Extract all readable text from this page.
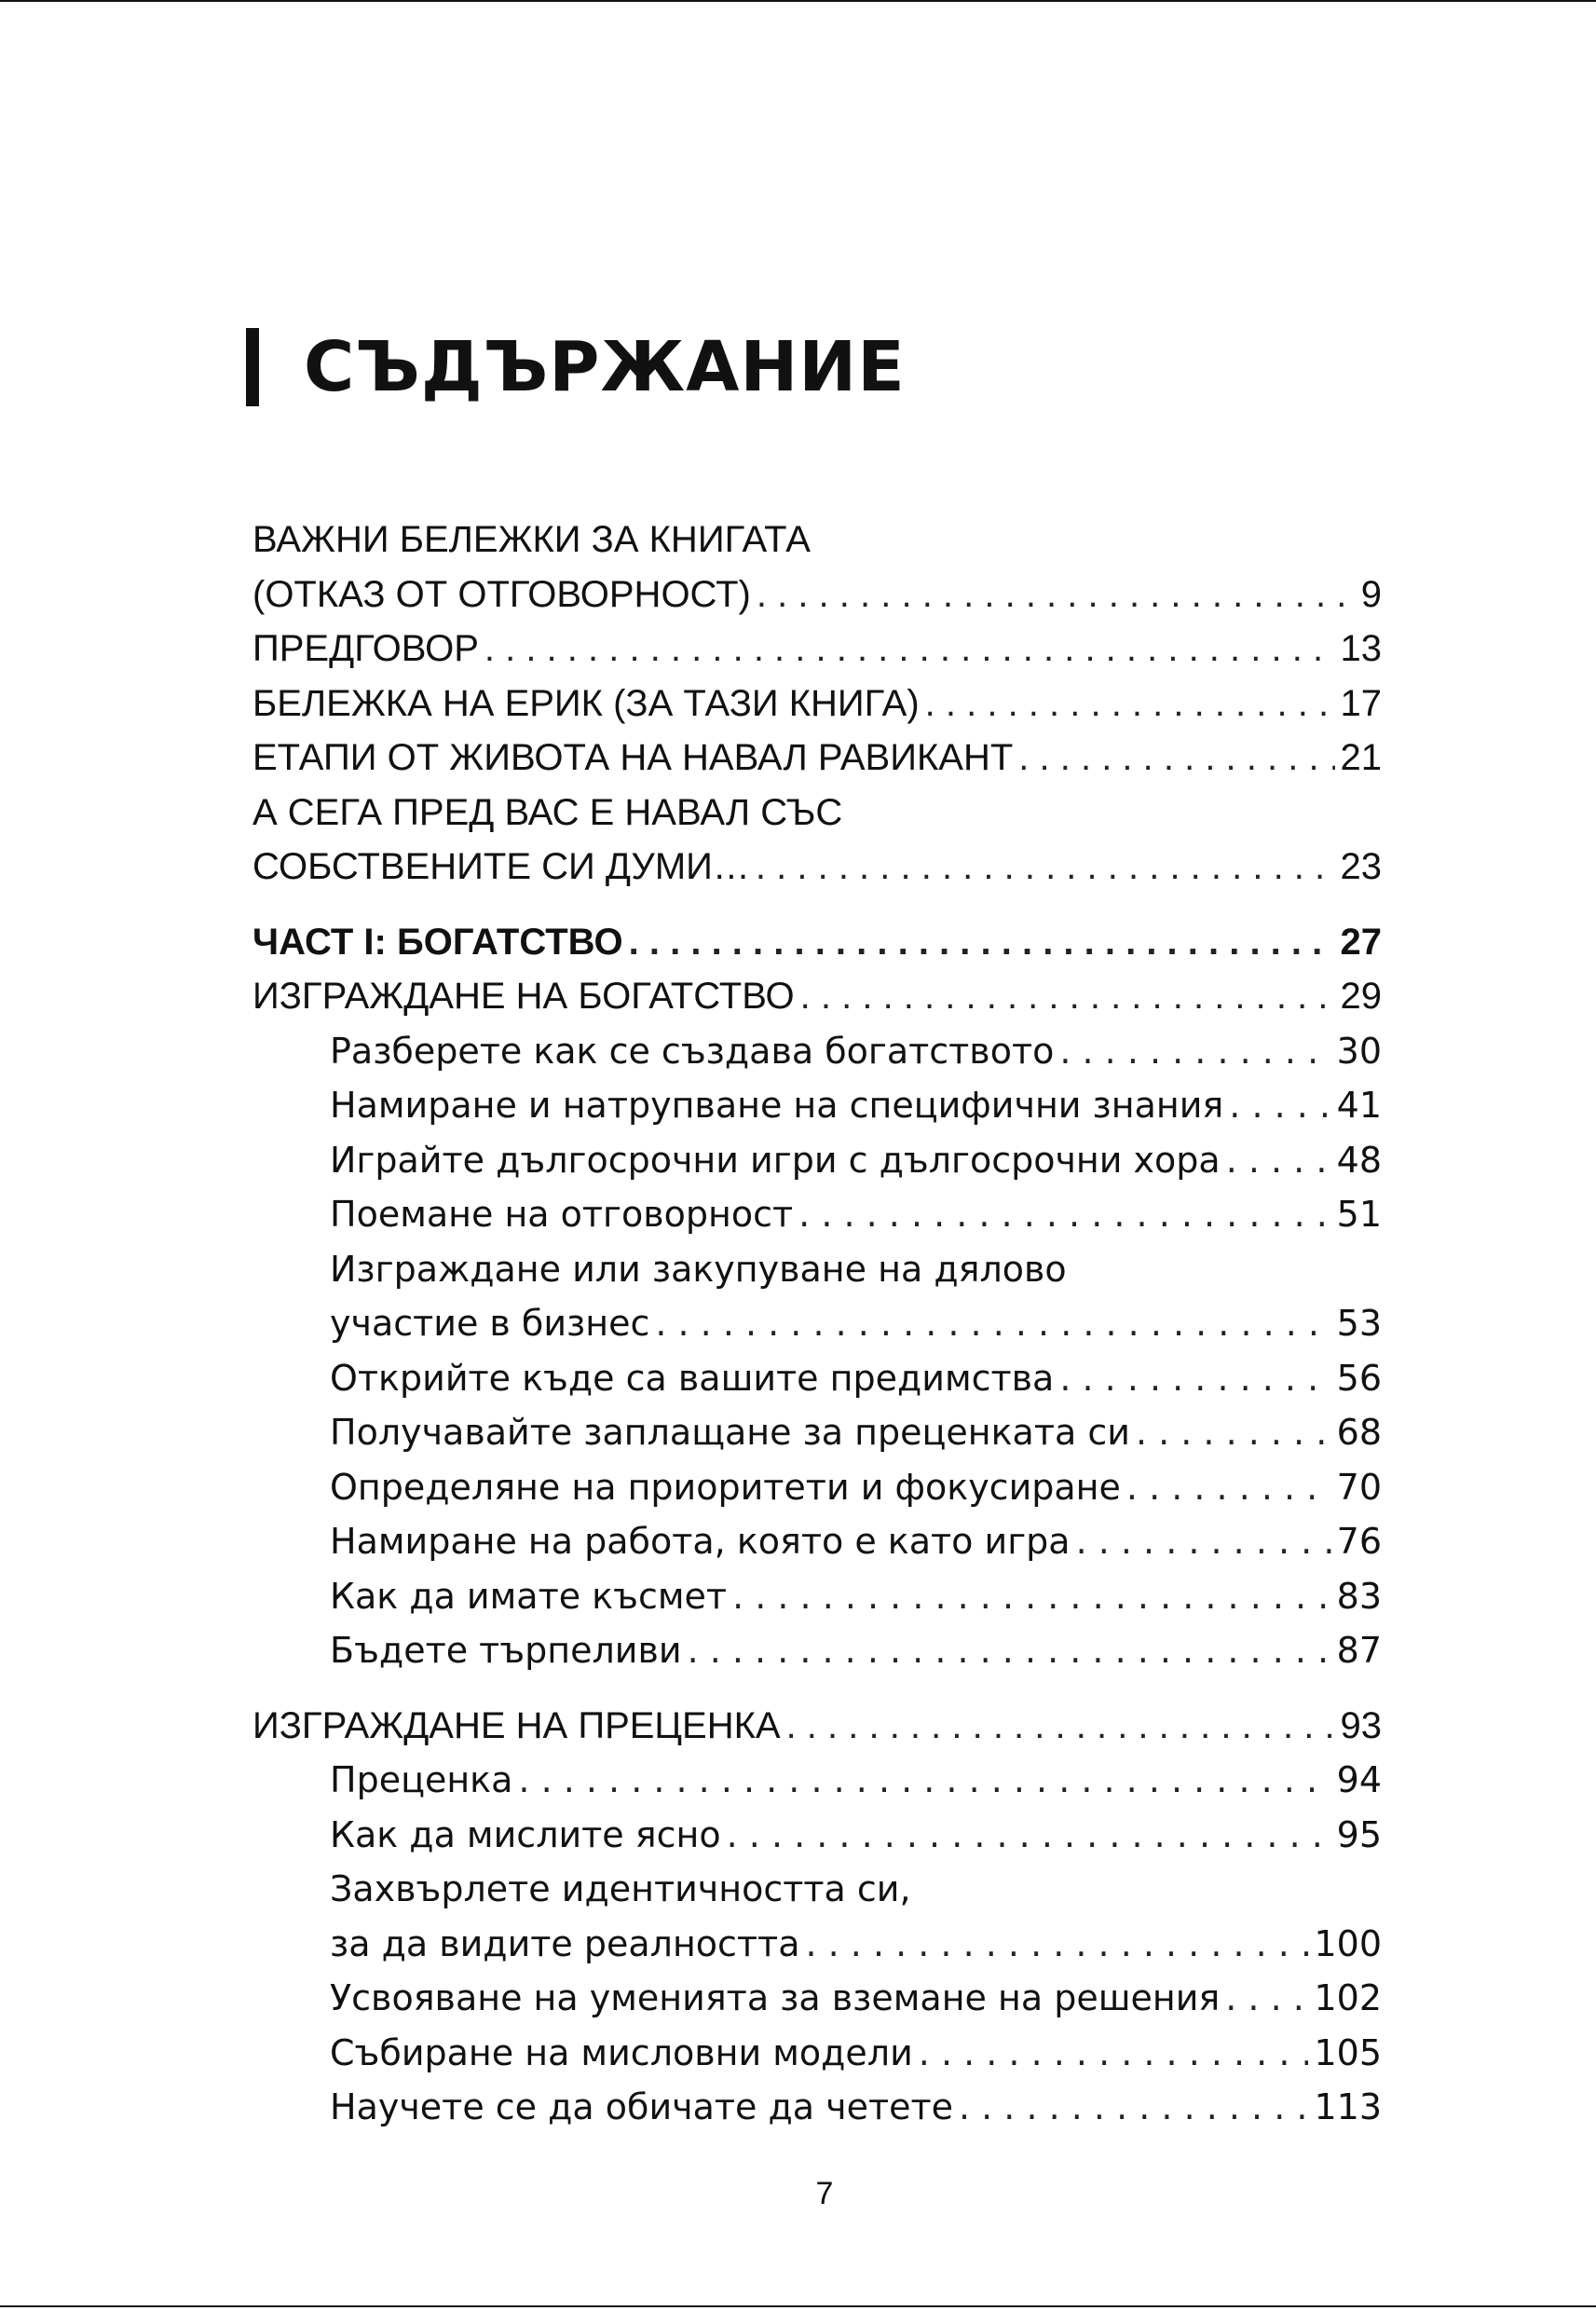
СЪДЪРЖАНИЕ
ВАЖНИ БЕЛЕЖКИ ЗА КНИГАТА
(ОТКАЗ ОТ ОТГОВОРНОСТ) . . .	9
ПРЕДГОВОР . . .	13
БЕЛЕЖКА НА ЕРИК (ЗА ТАЗИ КНИГА) . . .	17
ЕТАПИ ОТ ЖИВОТА НА НАВАЛ РАВИКАНТ . . .	21
А СЕГА ПРЕД ВАС Е НАВАЛ СЪС
СОБСТВЕНИТЕ СИ ДУМИ… . . .	23
ЧАСТ I: БОГАТСТВО . . .	27
ИЗГРАЖДАНЕ НА БОГАТСТВО . . .	29
Разберете как се създава богатството . . .	30
Намиране и натрупване на специфични знания . . .	41
Играйте дългосрочни игри с дългосрочни хора . . .	48
Поемане на отговорност . . .	51
Изграждане или закупуване на дялово
участие в бизнес . . .	53
Открийте къде са вашите предимства . . .	56
Получавайте заплащане за преценката си . . .	68
Определяне на приоритети и фокусиране . . .	70
Намиране на работа, която е като игра . . .	76
Как да имате късмет . . .	83
Бъдете търпеливи . . .	87
ИЗГРАЖДАНЕ НА ПРЕЦЕНКА . . .	93
Преценка . . .	94
Как да мислите ясно . . .	95
Захвърлете идентичността си,
за да видите реалността . . .	100
Усвояване на уменията за вземане на решения . . .	102
Събиране на мисловни модели . . .	105
Научете се да обичате да четете . . .	113
7
